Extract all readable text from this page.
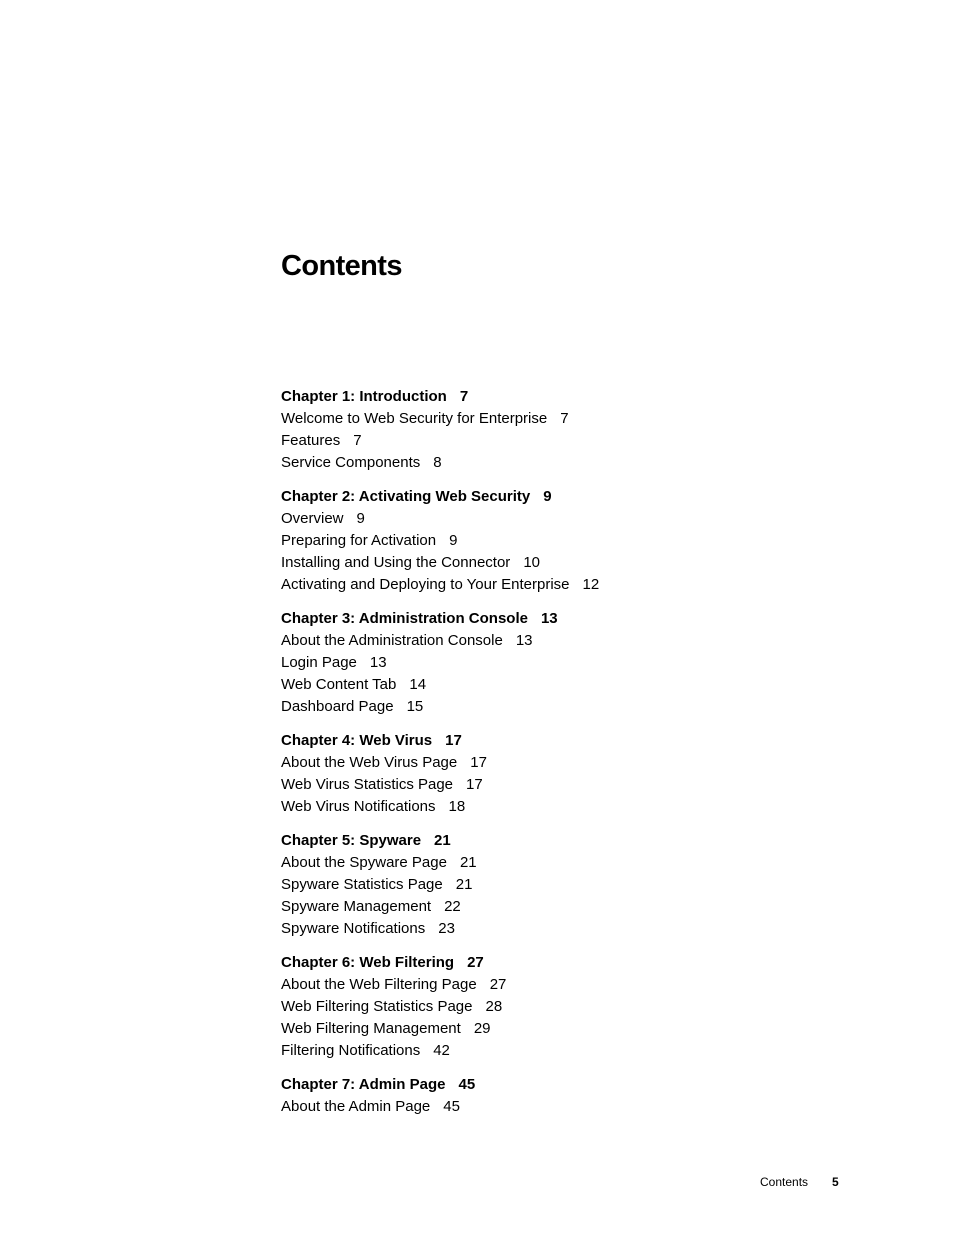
Contents
Chapter 1: Introduction 7
Welcome to Web Security for Enterprise 7
Features 7
Service Components 8
Chapter 2: Activating Web Security 9
Overview 9
Preparing for Activation 9
Installing and Using the Connector 10
Activating and Deploying to Your Enterprise 12
Chapter 3: Administration Console 13
About the Administration Console 13
Login Page 13
Web Content Tab 14
Dashboard Page 15
Chapter 4: Web Virus 17
About the Web Virus Page 17
Web Virus Statistics Page 17
Web Virus Notifications 18
Chapter 5: Spyware 21
About the Spyware Page 21
Spyware Statistics Page 21
Spyware Management 22
Spyware Notifications 23
Chapter 6: Web Filtering 27
About the Web Filtering Page 27
Web Filtering Statistics Page 28
Web Filtering Management 29
Filtering Notifications 42
Chapter 7: Admin Page 45
About the Admin Page 45
Contents 5
